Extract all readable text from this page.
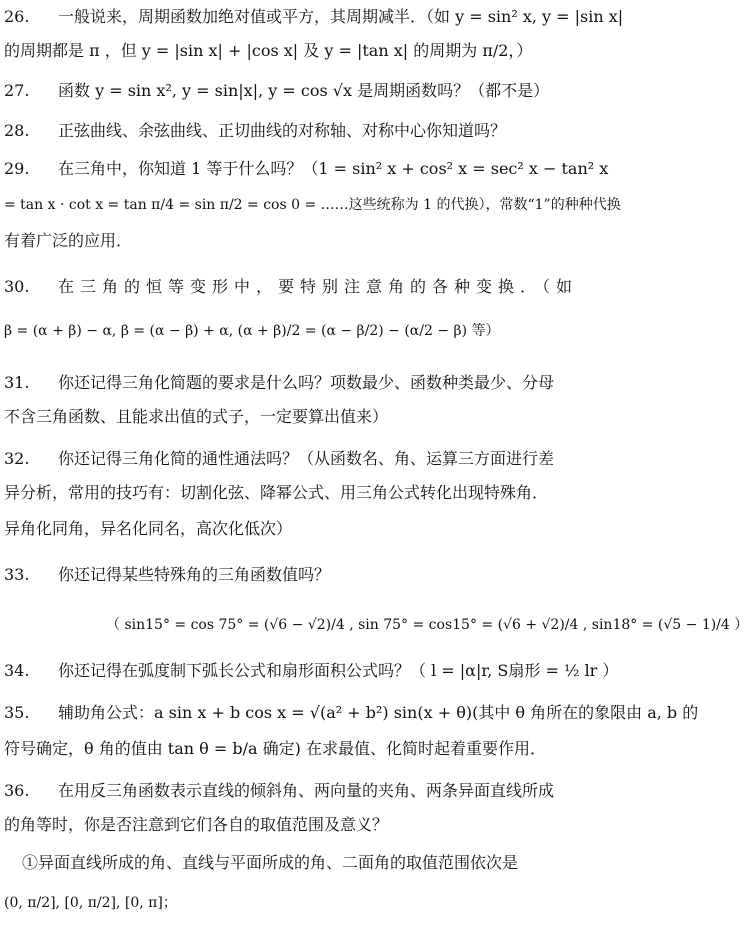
26. 一般说来，周期函数加绝对值或平方，其周期减半．（如 y = sin² x, y = |sin x|
的周期都是 π ，但 y = |sin x| + |cos x| 及 y = |tan x| 的周期为 π/2，）
27. 函数 y = sin x², y = sin|x|, y = cos √x 是周期函数吗？（都不是）
28. 正弦曲线、余弦曲线、正切曲线的对称轴、对称中心你知道吗？
29. 在三角中，你知道 1 等于什么吗？（1 = sin² x + cos² x = sec² x − tan² x
= tan x · cot x = tan π/4 = sin π/2 = cos 0 = ……这些统称为 1 的代换），常数“1”的种种代换
有着广泛的应用．
30. 在三角的恒等变形中，要特别注意角的各种变换．（如
β = (α + β) − α, β = (α − β) + α, (α + β)/2 = (α − β/2) − (α/2 − β) 等）
31. 你还记得三角化简题的要求是什么吗？项数最少、函数种类最少、分母
不含三角函数、且能求出值的式子，一定要算出值来）
32. 你还记得三角化简的通性通法吗？（从函数名、角、运算三方面进行差
异分析，常用的技巧有：切割化弦、降幂公式、用三角公式转化出现特殊角．
异角化同角，异名化同名，高次化低次）
33. 你还记得某些特殊角的三角函数值吗？
（ sin15° = cos 75° = (√6 − √2)/4 , sin 75° = cos15° = (√6 + √2)/4 , sin18° = (√5 − 1)/4 ）
34. 你还记得在弧度制下弧长公式和扇形面积公式吗？（ l = |α|r, S扇形 = ½ lr ）
35. 辅助角公式：a sin x + b cos x = √(a² + b²) sin(x + θ)(其中 θ 角所在的象限由 a, b 的
符号确定，θ 角的值由 tan θ = b/a 确定) 在求最值、化简时起着重要作用．
36. 在用反三角函数表示直线的倾斜角、两向量的夹角、两条异面直线所成
的角等时，你是否注意到它们各自的取值范围及意义？
①异面直线所成的角、直线与平面所成的角、二面角的取值范围依次是
(0, π/2], [0, π/2], [0, π]；
